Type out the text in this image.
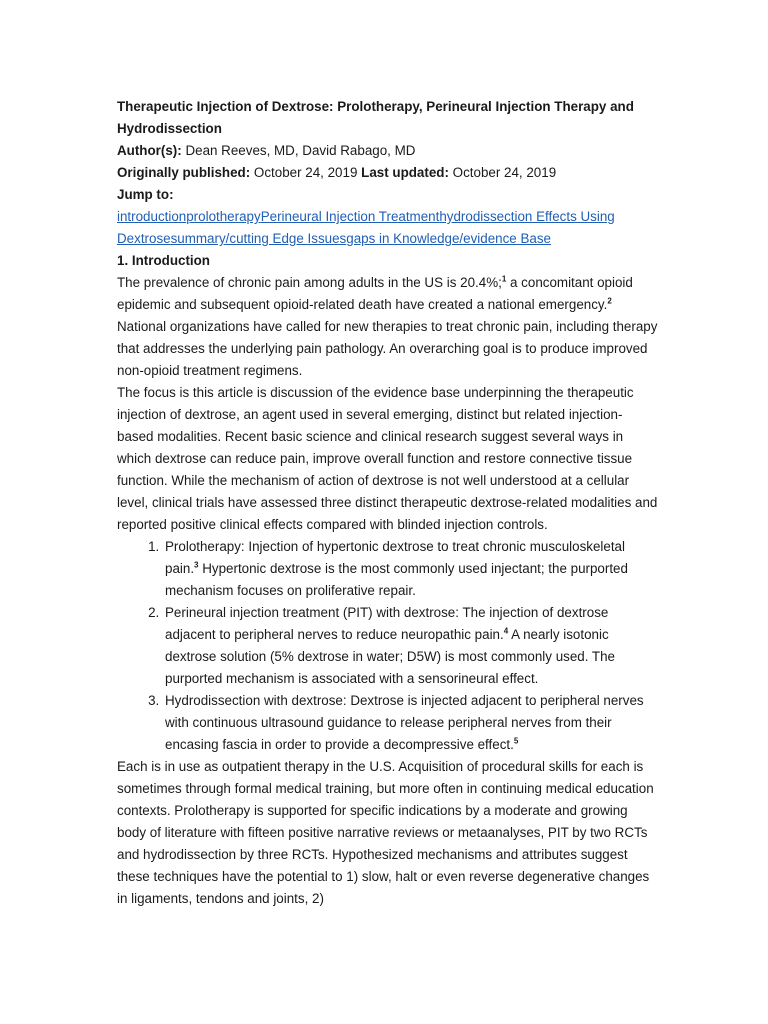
Therapeutic Injection of Dextrose: Prolotherapy, Perineural Injection Therapy and Hydrodissection
Author(s): Dean Reeves, MD, David Rabago, MD
Originally published: October 24, 2019 Last updated: October 24, 2019
Jump to:
introductionprolotherapyPerineural Injection Treatmenthydrodissection Effects Using Dextrosesummary/cutting Edge Issuesgaps in Knowledge/evidence Base
1. Introduction

The prevalence of chronic pain among adults in the US is 20.4%;$^1$ a concomitant opioid epidemic and subsequent opioid-related death have created a national emergency.$^2$ National organizations have called for new therapies to treat chronic pain, including therapy that addresses the underlying pain pathology. An overarching goal is to produce improved non-opioid treatment regimens.

The focus is this article is discussion of the evidence base underpinning the therapeutic injection of dextrose, an agent used in several emerging, distinct but related injection-based modalities. Recent basic science and clinical research suggest several ways in which dextrose can reduce pain, improve overall function and restore connective tissue function. While the mechanism of action of dextrose is not well understood at a cellular level, clinical trials have assessed three distinct therapeutic dextrose-related modalities and reported positive clinical effects compared with blinded injection controls.

1. Prolotherapy: Injection of hypertonic dextrose to treat chronic musculoskeletal pain.$^3$ Hypertonic dextrose is the most commonly used injectant; the purported mechanism focuses on proliferative repair.
2. Perineural injection treatment (PIT) with dextrose: The injection of dextrose adjacent to peripheral nerves to reduce neuropathic pain.$^4$ A nearly isotonic dextrose solution (5% dextrose in water; D5W) is most commonly used. The purported mechanism is associated with a sensorineural effect.
3. Hydrodissection with dextrose: Dextrose is injected adjacent to peripheral nerves with continuous ultrasound guidance to release peripheral nerves from their encasing fascia in order to provide a decompressive effect.$^5$

Each is in use as outpatient therapy in the U.S. Acquisition of procedural skills for each is sometimes through formal medical training, but more often in continuing medical education contexts. Prolotherapy is supported for specific indications by a moderate and growing body of literature with fifteen positive narrative reviews or metaanalyses, PIT by two RCTs and hydrodissection by three RCTs. Hypothesized mechanisms and attributes suggest these techniques have the potential to 1) slow, halt or even reverse degenerative changes in ligaments, tendons and joints, 2)
